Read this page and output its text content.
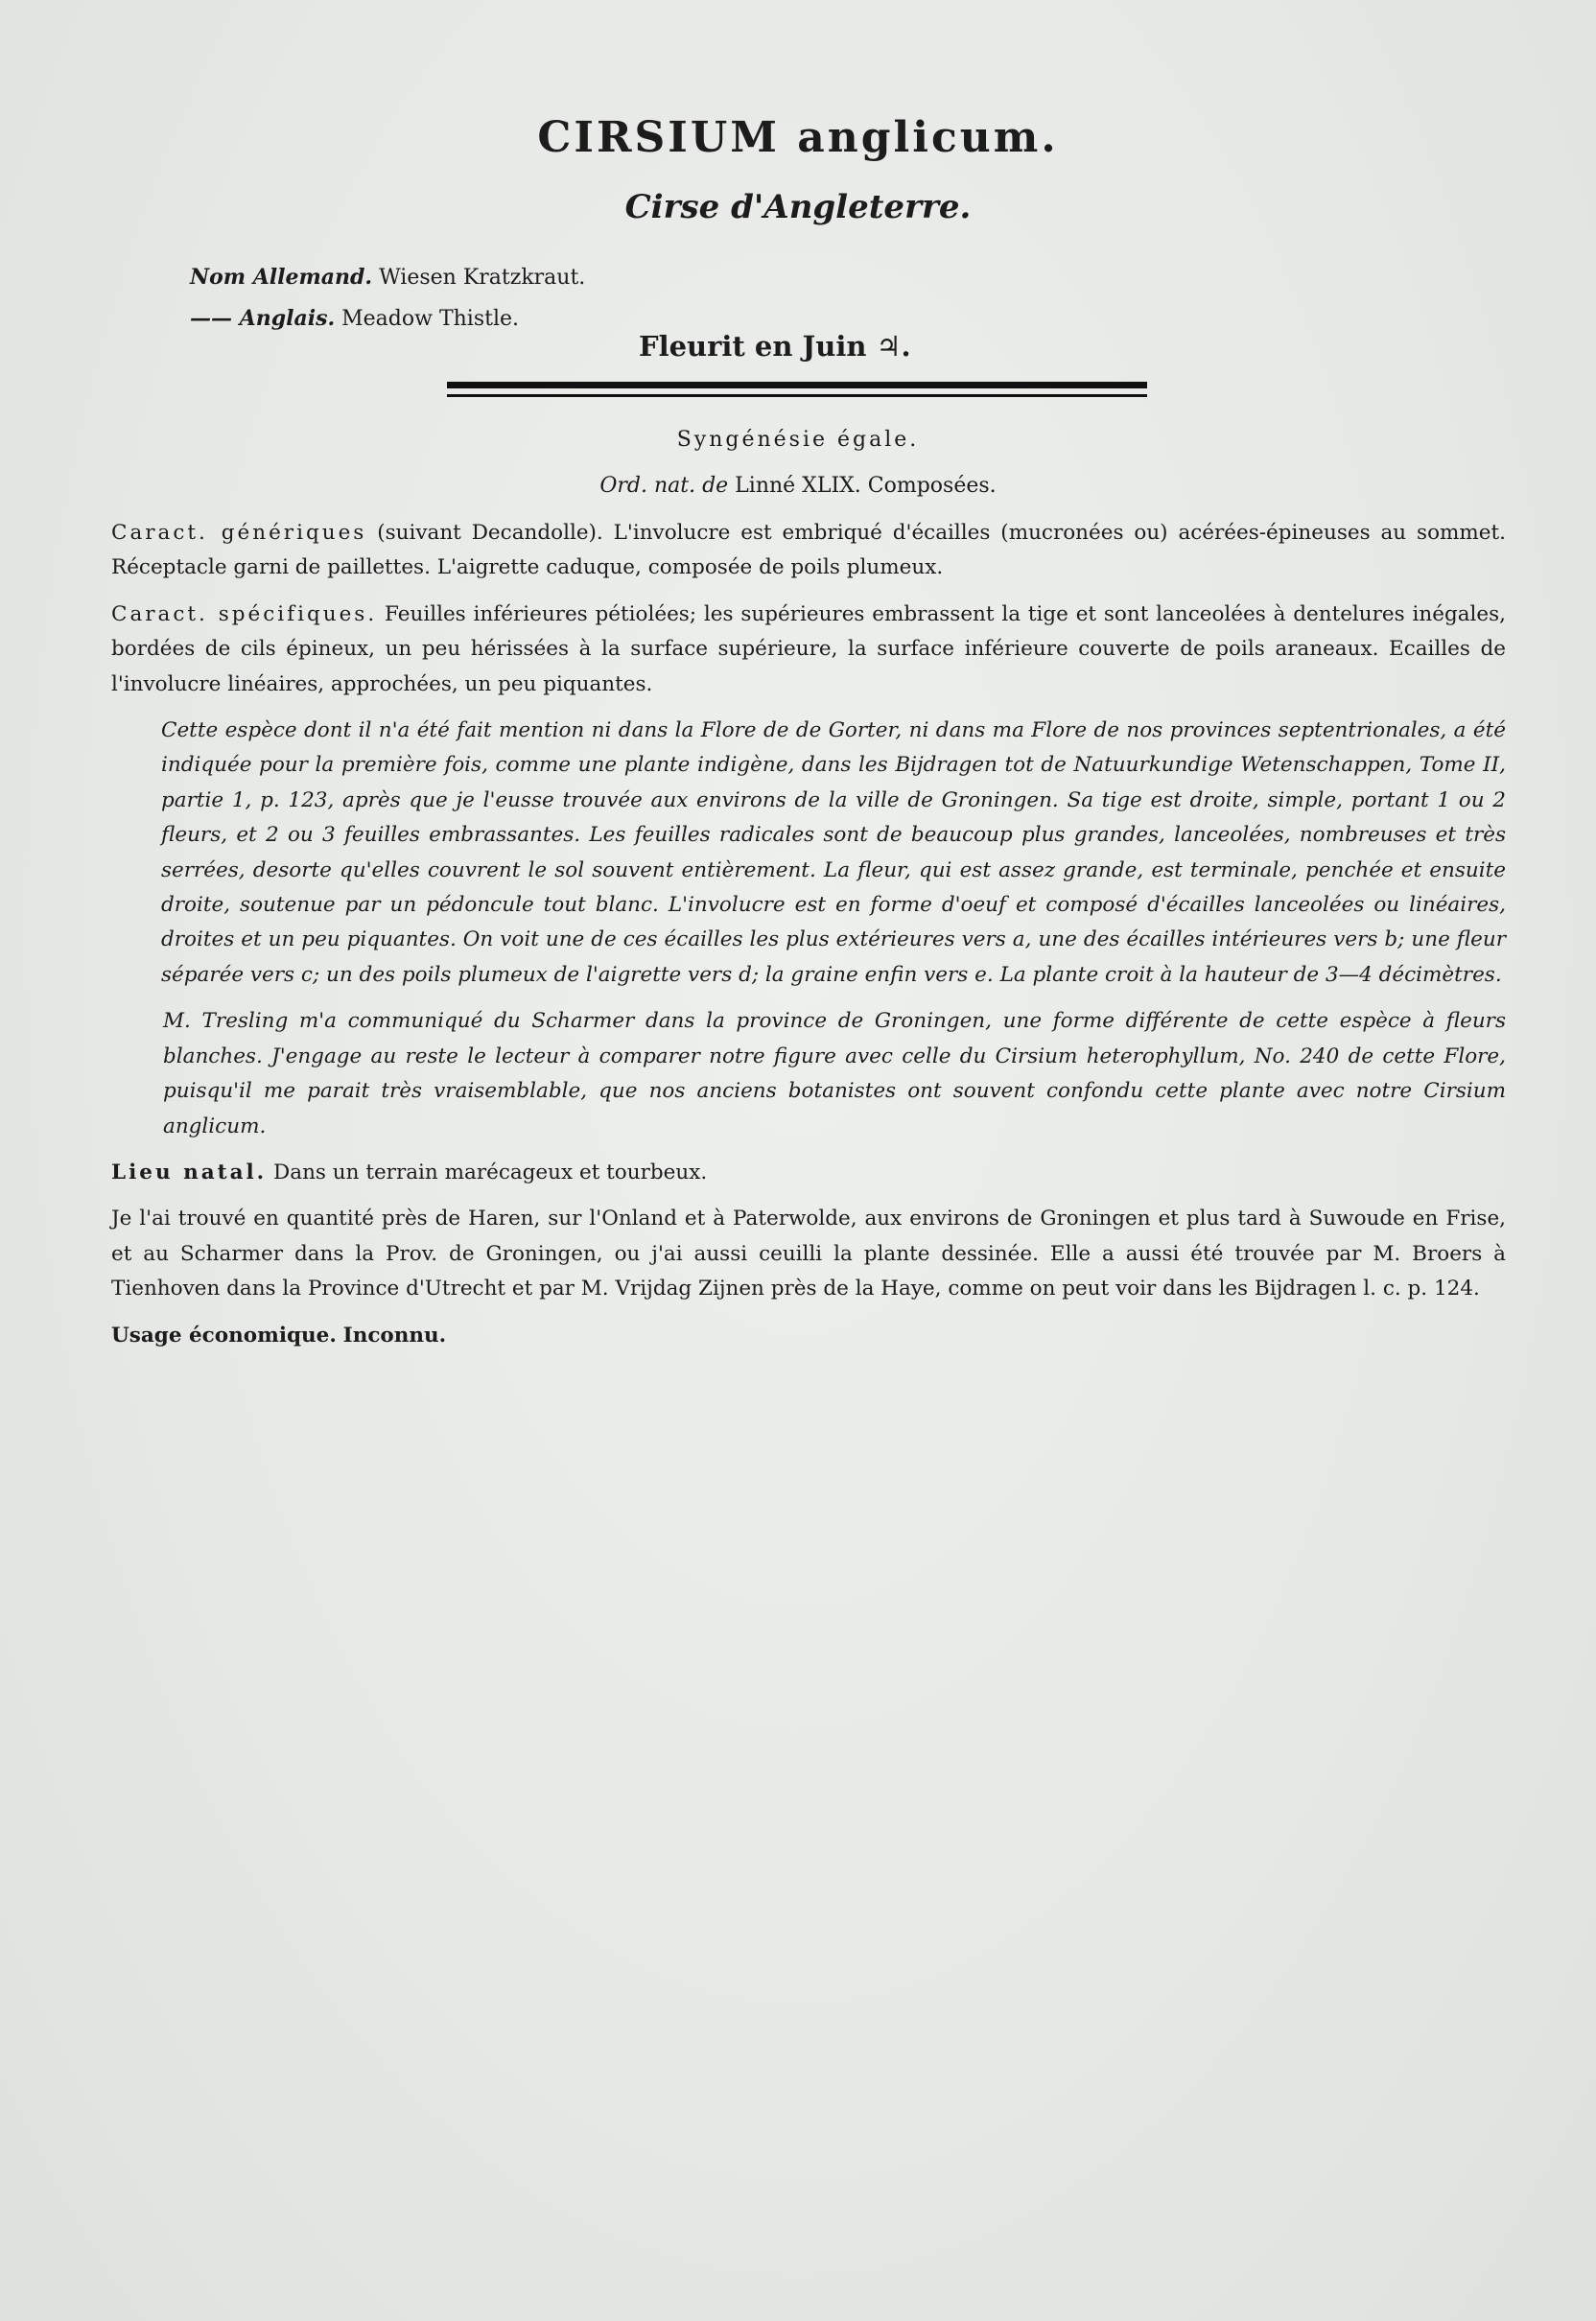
CIRSIUM anglicum.
Cirse d'Angleterre.
Nom Allemand. Wiesen Kratzkraut.
—— Anglais. Meadow Thistle.
Fleurit en Juin ♃.
Syngénésie égale.
Ord. nat. de Linné XLIX. Composées.

Caract. génériques (suivant Decandolle). L'involucre est embriqué d'écailles (mucronées ou) acérées-épineuses au sommet. Réceptacle garni de paillettes. L'aigrette caduque, composée de poils plumeux.

Caract. spécifiques. Feuilles inférieures pétiolées; les supérieures embrassent la tige et sont lanceolées à dentelures inégales, bordées de cils épineux, un peu hérissées à la surface supérieure, la surface inférieure couverte de poils araneaux. Ecailles de l'involucre linéaires, approchées, un peu piquantes.

Cette espèce dont il n'a été fait mention ni dans la Flore de de Gorter, ni dans ma Flore de nos provinces septentrionales, a été indiquée pour la première fois, comme une plante indigène, dans les Bijdragen tot de Natuurkundige Wetenschappen, Tome II, partie 1, p. 123, après que je l'eusse trouvée aux environs de la ville de Groningen. Sa tige est droite, simple, portant 1 ou 2 fleurs, et 2 ou 3 feuilles embrassantes. Les feuilles radicales sont de beaucoup plus grandes, lanceolées, nombreuses et très serrées, desorte qu'elles couvrent le sol souvent entièrement. La fleur, qui est assez grande, est terminale, penchée et ensuite droite, soutenue par un pédoncule tout blanc. L'involucre est en forme d'oeuf et composé d'écailles lanceolées ou linéaires, droites et un peu piquantes. On voit une de ces écailles les plus extérieures vers a, une des écailles intérieures vers b; une fleur séparée vers c; un des poils plumeux de l'aigrette vers d; la graine enfin vers e. La plante croit à la hauteur de 3—4 décimètres.

M. Tresling m'a communiqué du Scharmer dans la province de Groningen, une forme différente de cette espèce à fleurs blanches. J'engage au reste le lecteur à comparer notre figure avec celle du Cirsium heterophyllum, No. 240 de cette Flore, puisqu'il me parait très vraisemblable, que nos anciens botanistes ont souvent confondu cette plante avec notre Cirsium anglicum.

Lieu natal. Dans un terrain marécageux et tourbeux.

Je l'ai trouvé en quantité près de Haren, sur l'Onland et à Paterwolde, aux environs de Groningen et plus tard à Suwoude en Frise, et au Scharmer dans la Prov. de Groningen, ou j'ai aussi ceuilli la plante dessinée. Elle a aussi été trouvée par M. Broers à Tienhoven dans la Province d'Utrecht et par M. Vrijdag Zijnen près de la Haye, comme on peut voir dans les Bijdragen l. c. p. 124.

Usage économique. Inconnu.
